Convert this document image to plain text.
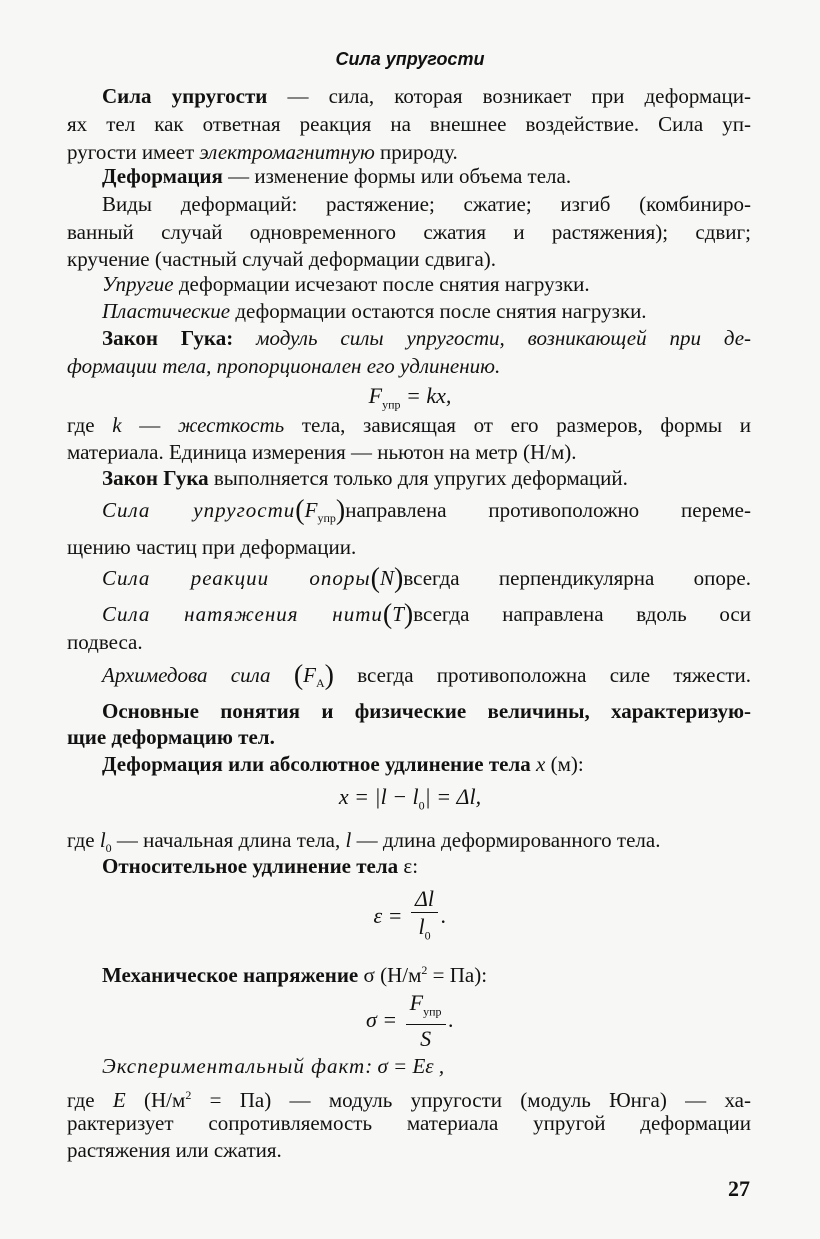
Сила упругости
Сила упругости — сила, которая возникает при деформаци-
ях тел как ответная реакция на внешнее воздействие. Сила уп-
ругости имеет электромагнитную природу.
Деформация — изменение формы или объема тела.
Виды деформаций: растяжение; сжатие; изгиб (комбиниро-
ванный случай одновременного сжатия и растяжения); сдвиг;
кручение (частный случай деформации сдвига).
Упругие деформации исчезают после снятия нагрузки.
Пластические деформации остаются после снятия нагрузки.
Закон Гука: модуль силы упругости, возникающей при де-
формации тела, пропорционален его удлинению.
$F_{упр}$ = kx,
где k — жесткость тела, зависящая от его размеров, формы и
материала. Единица измерения — ньютон на метр (Н/м).
Закон Гука выполняется только для упругих деформаций.
Сила $упругости(F_{упр})направлена$ противоположно переме-
щению частиц при деформации.
Сила реакции опоры(N)всегда перпендикулярна опоре.
Сила натяжения нити(T)всегда направлена вдоль оси
подвеса.
Архимедова сила $(F_А)$ всегда противоположна силе тяжести.
Основные понятия и физические величины, характеризую-
щие деформацию тел.
Деформация или абсолютное удлинение тела x (м):
$x = |l - l_0| = \Delta l$,
где $l_0$ — начальная длина тела, l — длина деформированного тела.
Относительное удлинение тела ε:
$\varepsilon = \frac{\Delta l}{l_0}$ .
Механическое напряжение σ $(Н/м^2 = Па)$:
$\sigma = \frac{F_{упр}}{S}$ .
Экспериментальный факт: σ = Eε ,
где E $(Н/м^2 = Па)$ — модуль упругости (модуль Юнга) — ха-
рактеризует сопротивляемость материала упругой деформации
растяжения или сжатия.
27
